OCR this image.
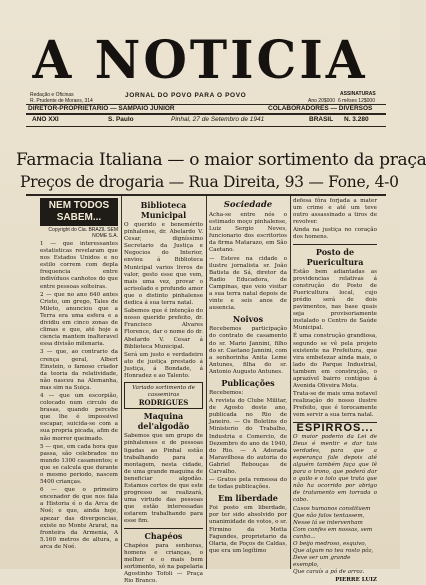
A NOTICIA
Redação e Oficinas
R. Prudente de Moraes, 314
JORNAL DO POVO PARA O POVO	ASSINATURAS
Ano 20$000 6 mêses 12$000
DIRETOR-PROPRIETARIO — SAMPAIO JUNIOR	COLABORADORES — DIVERSOS
ANO XXI	S. Paulo	Pinhal, 27 de Setembro de 1941	BRASIL N. 3.280
Farmacia Italiana — o maior sortimento da praça
Preços de drogaria — Rua Direita, 93 — Fone, 4-0
NEM TODOS SABEM...
Copyright do Cia. BRAZIL SEM NOME S.A.

1 — que interessantes estatisticas revelaram que nos Estados Unidos e no estilo correm com depla frequencia entre indivíduos canhotos do que entre pessoas solteiras.

2 — que no ano 640 antes Cristo, um grego, Tales de Mileto, anunciou que a Terra era uma esfera e a dividiu em cinco zonas de climas e que, até hoje a ciencia mantem inalteravel essa divisão milenaria.

3 — que, ao contrario da crença geral, Albert Einstein, o famoso criador da teoria da relatividade, não nasceu na Alemanha, mas sim na Suiça.

4 — que um escorpião, colocado num circulo de brasas, quando percebe que lhe é impossivel escapar, suicida-se com a sua propria picada, afim de não morrer queimado.

5 — que, em cada hora que passa, são celebrados no mundo 1300 casamentos; e que se calcula que durante o mesmo periodo, nascem 5400 crianças.

6 — que o primeiro encenador de que nos fala a Historia é o da Arca de Noé; e que, ainda hoje, apezar das divergencias, existe no Monte Ararat, na fronteira da Armenia, A 5.160 metros de altura, a arca de Noé.

Biblioteca Municipal

O querido e benemérito pinhalense, dr. Abelardo V. Cesar, digníssimo Secretario da Justiça e Negocios do Interior, enviou á Biblioteca Municipal varios livros de valor, gesto esse que vem, mais uma vez, provar o acrisolado e profundo amor que o distinto pinhalense dedica á sua terra natal.

Sabemos que é intenção do nosso querido prefeito, dr. Francisco Alvares Florence, dar o nome do dr. Abelardo V. Cesar á Biblioteca Municipal.

Será um justo e verdadeiro ato de justiça prestado á Justiça, á Bondade, á Honradez e ao Talento.

Variado sortimento de cassemiras
RODRIGUES
Maquina del'algodão

Sabemos que um grupo de pinhalenses e de pessoas ligadas ao Pinhal estão trabalhando para a montagem, nesta cidade, de uma grande maquina de beneficiar algodão. Estamos certos de que este progresso se realizará, uma virtude das pessoas que estão interessadas estarem trabalhando para esse fim.

Chapéos

Chapéos para senhoras, homens e crianças, o melhor e o mais bem sortimento, só na papelaria Agostinho Tofoli — Praça Rio Branco.

Sociedade

Acha-se entre nós o estimado moço pinhalense, Luiz Sergio Neves, funcionario dos escritorios da firma Matarazo, em São Caetano.

— Esteve na cidade o ilustre jornalista sr. João Batista de Sá, diretor da Radio Educadora, de Campinas, que veio visitar a sua terra natal depois de vinte e seis anos de ausencia.

Noivos

Recebemos participação do contrato de casamento do sr. Mario Jannini, filho do sr. Caetano Jannini, com a senhorinha Anita Leme Antunes, filha do sr. Antonio Augusto Antunes.

Publicações

Recebemos:

A revista do Clube Militar, de Agosto deste ano, publicada no Rio de Janeiro. — Os Boletins do Ministerio do Trabalho, Industria e Comercio, de Dezembro do ano de 1940, do Rio. — A Adorada Maravilhosa do autoria do Gabriel Rebouças de Carvalho.

— Gratos pela remessa do de todas publicações.

Em liberdade

Foi posto em liberdade, por ter sido absolvido por unanimidade de votos, o sr. Firmino da Motta Fagundes, proprietario da Olaria, de Poços de Caldas, que era um legítimo

defesa fôra forjada a mater um crime e até um teve outro assassinado a tiros de revolver.

Ainda na justiça no coração dos homens.

Posto de Puericultura

Estão bem adiantadas as providencias relativas á construção do Posto de Puericultura local, cujo prédio será de dois pavimentos, nas base quais seja provisoriamente instalado o Centro de Saúde Municipal.

É uma construção grandiosa, segundo se vê pela projeto existente na Prefeitura, que vira embelezar ainda mais, o lado do Parque Industrial, tambem em construção, o aprazível bairro contíguo á Avenida Oliveira Mota.

Trata-se de mais uma notavel realização do nosso ilustre Prefeito, que é torocamente vem servir a sua terra natal.

ESPIRROS...

O maior poderio da Lei de Deus é mentir e dar tais verdades, para que a esperança fale depois até alguém também faça que lê para o trono, que poderá dar o quilo e o tolo que trata que não ha ocorrido por abrigo de tratamento em torrada o cabo.

Casos humanos constituem
Que não falos tentassem,
Nesse lá se intervenham
Com confes em nossas, sem cunho...
O beijo medroso, esquivo,
Que algum no teu rosto pôz,
Deve ser um grande exemplo,
Que caraís a pó de arroz.
PIERRE LUIZ
